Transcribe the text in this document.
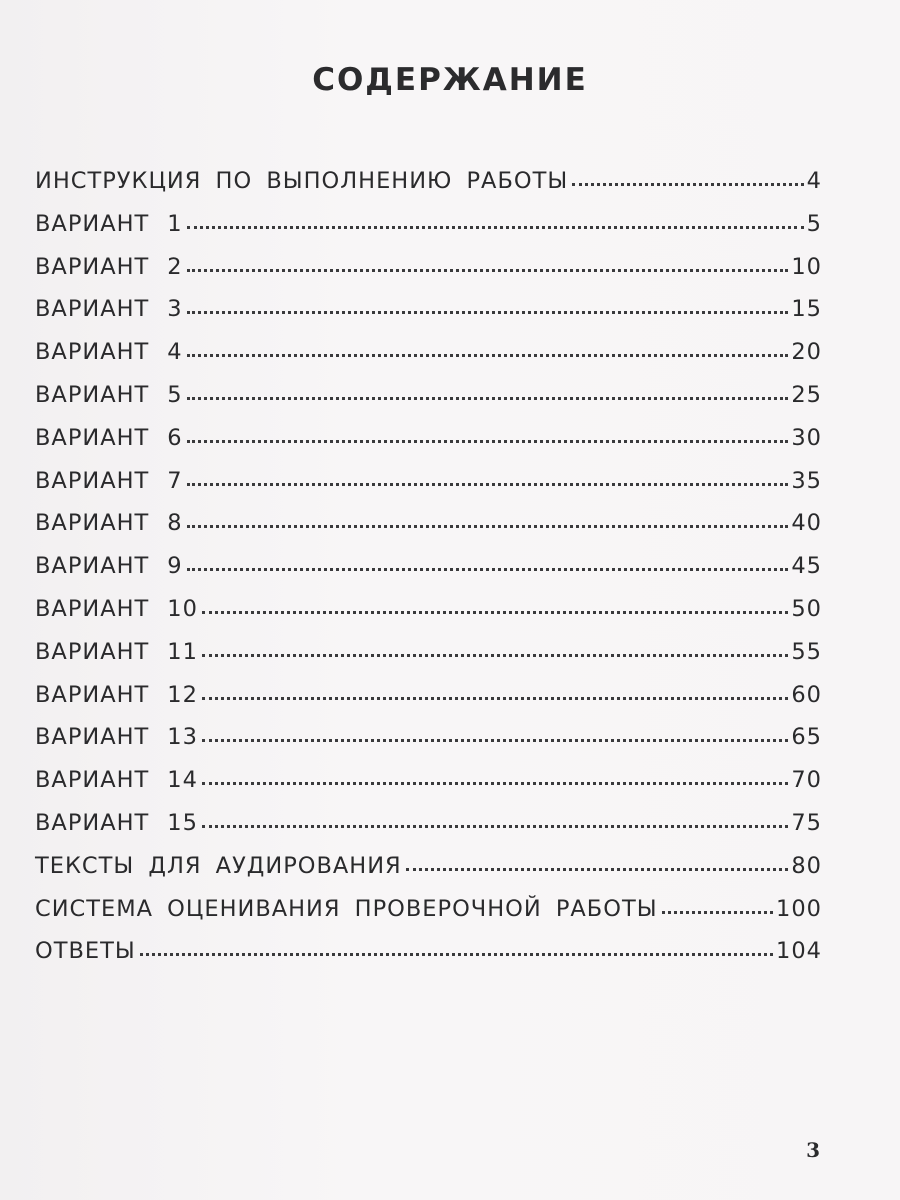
СОДЕРЖАНИЕ
ИНСТРУКЦИЯ ПО ВЫПОЛНЕНИЮ РАБОТЫ	4
ВАРИАНТ 1	5
ВАРИАНТ 2	10
ВАРИАНТ 3	15
ВАРИАНТ 4	20
ВАРИАНТ 5	25
ВАРИАНТ 6	30
ВАРИАНТ 7	35
ВАРИАНТ 8	40
ВАРИАНТ 9	45
ВАРИАНТ 10	50
ВАРИАНТ 11	55
ВАРИАНТ 12	60
ВАРИАНТ 13	65
ВАРИАНТ 14	70
ВАРИАНТ 15	75
ТЕКСТЫ ДЛЯ АУДИРОВАНИЯ	80
СИСТЕМА ОЦЕНИВАНИЯ ПРОВЕРОЧНОЙ РАБОТЫ	100
ОТВЕТЫ	104
3
